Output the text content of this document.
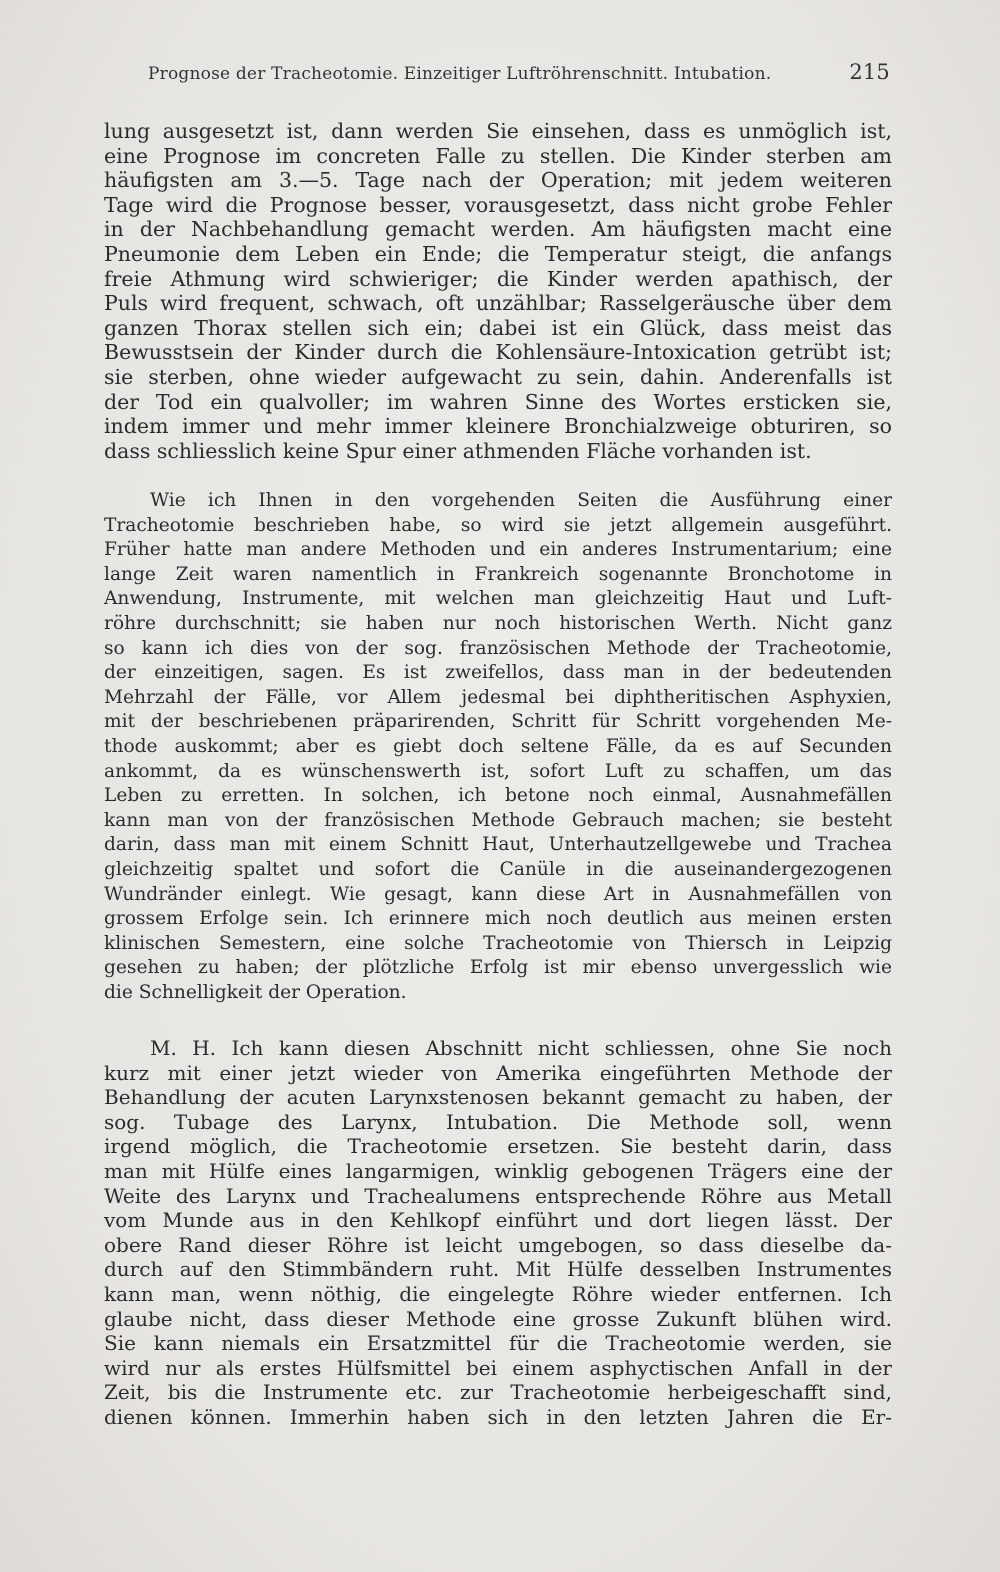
Prognose der Tracheotomie. Einzeitiger Luftröhrenschnitt. Intubation.	215
lung ausgesetzt ist, dann werden Sie einsehen, dass es unmöglich ist,
eine Prognose im concreten Falle zu stellen. Die Kinder sterben am
häufigsten am 3.—5. Tage nach der Operation; mit jedem weiteren
Tage wird die Prognose besser, vorausgesetzt, dass nicht grobe Fehler
in der Nachbehandlung gemacht werden. Am häufigsten macht eine
Pneumonie dem Leben ein Ende; die Temperatur steigt, die anfangs
freie Athmung wird schwieriger; die Kinder werden apathisch, der
Puls wird frequent, schwach, oft unzählbar; Rasselgeräusche über dem
ganzen Thorax stellen sich ein; dabei ist ein Glück, dass meist das
Bewusstsein der Kinder durch die Kohlensäure-Intoxication getrübt ist;
sie sterben, ohne wieder aufgewacht zu sein, dahin. Anderenfalls ist
der Tod ein qualvoller; im wahren Sinne des Wortes ersticken sie,
indem immer und mehr immer kleinere Bronchialzweige obturiren, so
dass schliesslich keine Spur einer athmenden Fläche vorhanden ist.
Wie ich Ihnen in den vorgehenden Seiten die Ausführung einer
Tracheotomie beschrieben habe, so wird sie jetzt allgemein ausgeführt.
Früher hatte man andere Methoden und ein anderes Instrumentarium; eine
lange Zeit waren namentlich in Frankreich sogenannte Bronchotome in
Anwendung, Instrumente, mit welchen man gleichzeitig Haut und Luft-
röhre durchschnitt; sie haben nur noch historischen Werth. Nicht ganz
so kann ich dies von der sog. französischen Methode der Tracheotomie,
der einzeitigen, sagen. Es ist zweifellos, dass man in der bedeutenden
Mehrzahl der Fälle, vor Allem jedesmal bei diphtheritischen Asphyxien,
mit der beschriebenen präparirenden, Schritt für Schritt vorgehenden Me-
thode auskommt; aber es giebt doch seltene Fälle, da es auf Secunden
ankommt, da es wünschenswerth ist, sofort Luft zu schaffen, um das
Leben zu erretten. In solchen, ich betone noch einmal, Ausnahmefällen
kann man von der französischen Methode Gebrauch machen; sie besteht
darin, dass man mit einem Schnitt Haut, Unterhautzellgewebe und Trachea
gleichzeitig spaltet und sofort die Canüle in die auseinandergezogenen
Wundränder einlegt. Wie gesagt, kann diese Art in Ausnahmefällen von
grossem Erfolge sein. Ich erinnere mich noch deutlich aus meinen ersten
klinischen Semestern, eine solche Tracheotomie von Thiersch in Leipzig
gesehen zu haben; der plötzliche Erfolg ist mir ebenso unvergesslich wie
die Schnelligkeit der Operation.
M. H. Ich kann diesen Abschnitt nicht schliessen, ohne Sie noch
kurz mit einer jetzt wieder von Amerika eingeführten Methode der
Behandlung der acuten Larynxstenosen bekannt gemacht zu haben, der
sog. Tubage des Larynx, Intubation. Die Methode soll, wenn
irgend möglich, die Tracheotomie ersetzen. Sie besteht darin, dass
man mit Hülfe eines langarmigen, winklig gebogenen Trägers eine der
Weite des Larynx und Trachealumens entsprechende Röhre aus Metall
vom Munde aus in den Kehlkopf einführt und dort liegen lässt. Der
obere Rand dieser Röhre ist leicht umgebogen, so dass dieselbe da-
durch auf den Stimmbändern ruht. Mit Hülfe desselben Instrumentes
kann man, wenn nöthig, die eingelegte Röhre wieder entfernen. Ich
glaube nicht, dass dieser Methode eine grosse Zukunft blühen wird.
Sie kann niemals ein Ersatzmittel für die Tracheotomie werden, sie
wird nur als erstes Hülfsmittel bei einem asphyctischen Anfall in der
Zeit, bis die Instrumente etc. zur Tracheotomie herbeigeschafft sind,
dienen können. Immerhin haben sich in den letzten Jahren die Er-
